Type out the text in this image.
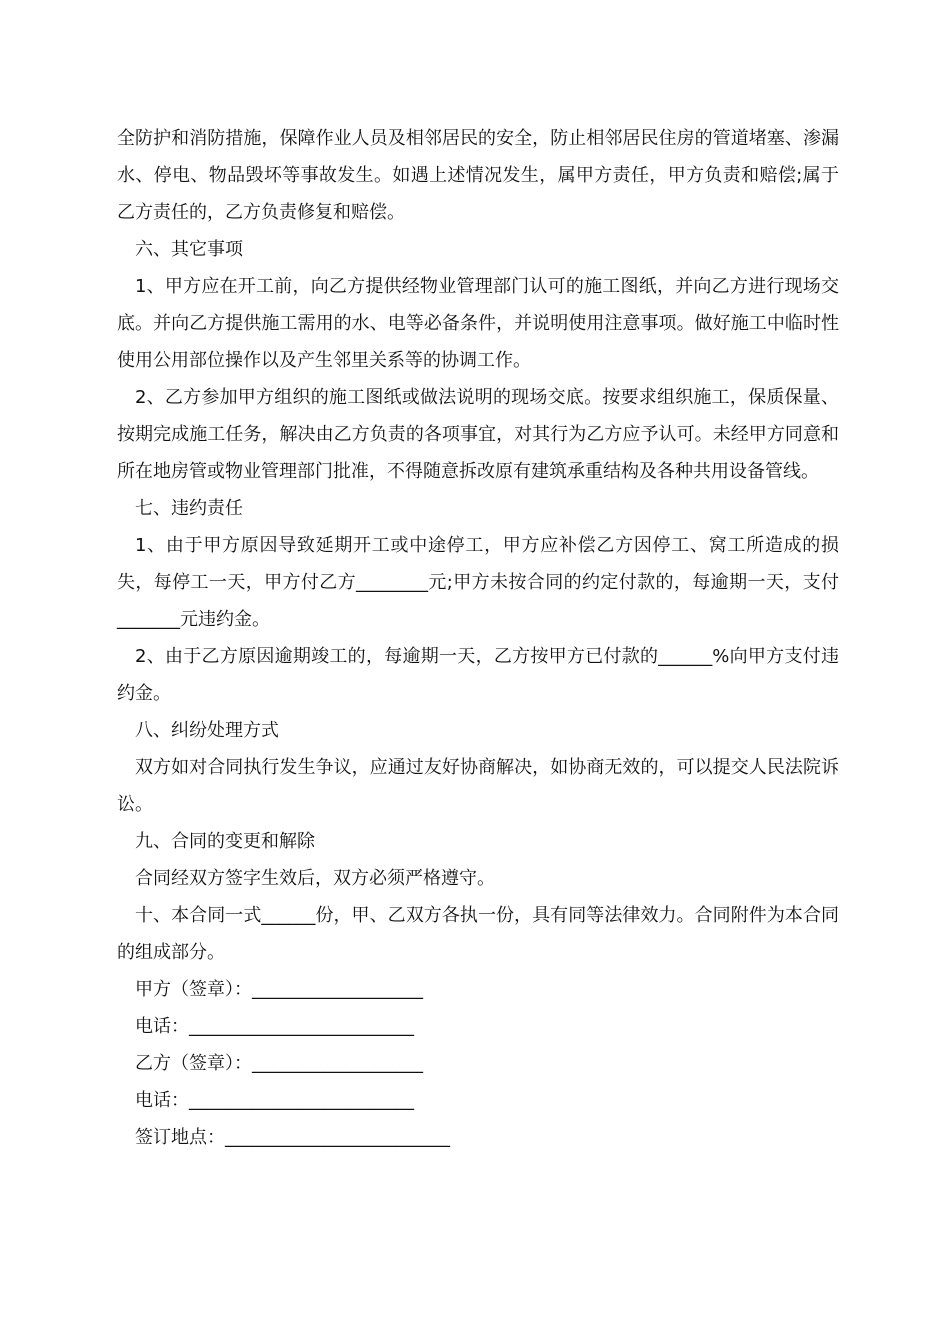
全防护和消防措施，保障作业人员及相邻居民的安全，防止相邻居民住房的管道堵塞、渗漏水、停电、物品毁坏等事故发生。如遇上述情况发生，属甲方责任，甲方负责和赔偿;属于乙方责任的，乙方负责修复和赔偿。

六、其它事项

1、甲方应在开工前，向乙方提供经物业管理部门认可的施工图纸，并向乙方进行现场交底。并向乙方提供施工需用的水、电等必备条件，并说明使用注意事项。做好施工中临时性使用公用部位操作以及产生邻里关系等的协调工作。

2、乙方参加甲方组织的施工图纸或做法说明的现场交底。按要求组织施工，保质保量、按期完成施工任务，解决由乙方负责的各项事宜，对其行为乙方应予认可。未经甲方同意和所在地房管或物业管理部门批准，不得随意拆改原有建筑承重结构及各种共用设备管线。

七、违约责任

1、由于甲方原因导致延期开工或中途停工，甲方应补偿乙方因停工、窝工所造成的损失，每停工一天，甲方付乙方________元;甲方未按合同的约定付款的，每逾期一天，支付_______元违约金。

2、由于乙方原因逾期竣工的，每逾期一天，乙方按甲方已付款的______%向甲方支付违约金。

八、纠纷处理方式

双方如对合同执行发生争议，应通过友好协商解决，如协商无效的，可以提交人民法院诉讼。

九、合同的变更和解除

合同经双方签字生效后，双方必须严格遵守。

十、本合同一式______份，甲、乙双方各执一份，具有同等法律效力。合同附件为本合同的组成部分。

甲方（签章）：___________________

电话：_________________________

乙方（签章）：___________________

电话：_________________________

签订地点：_________________________
